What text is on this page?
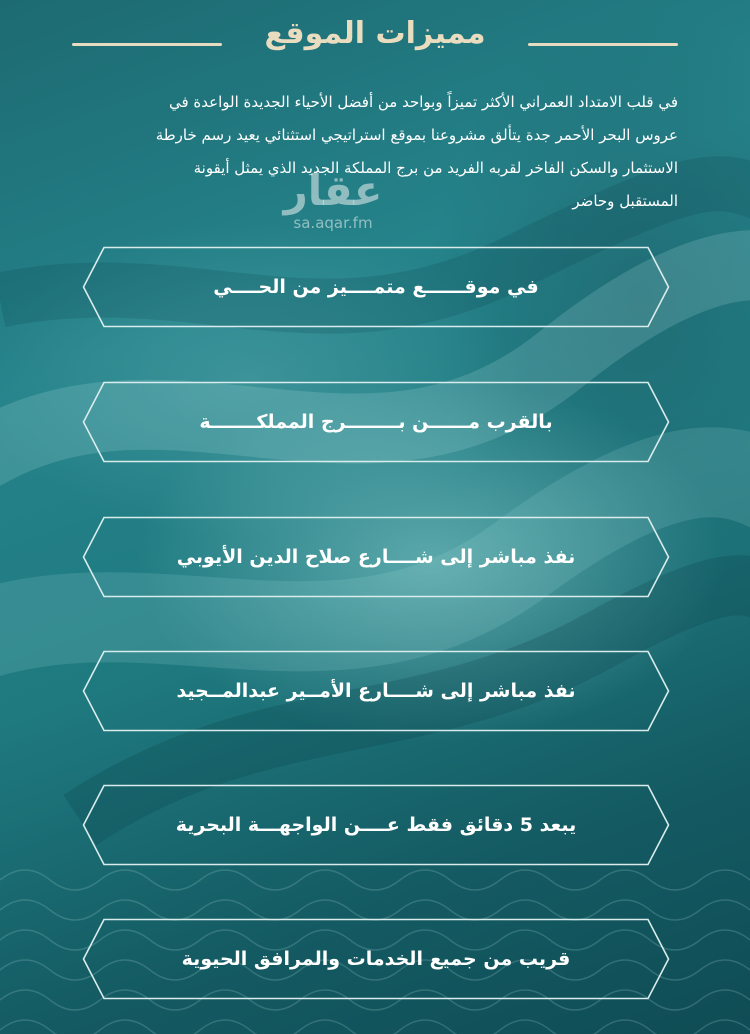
مميزات الموقع
في قلب الامتداد العمراني الأكثر تميزاً وبواحد من أفضل الأحياء الجديدة الواعدة في
عروس البحر الأحمر جدة يتألق مشروعنا بموقع استراتيجي استثنائي يعيد رسم خارطة
الاستثمار والسكن الفاخر لقربه الفريد من برج المملكة الجديد الذي يمثل أيقونة
المستقبل وحاضر
عقار
sa.aqar.fm
في موقــــــع متمــــيز من الحــــي
بالقرب مــــــن بــــــــرج المملكـــــــة
نفذ مباشر إلى شــــارع صلاح الدين الأيوبي
نفذ مباشر إلى شــــارع الأمــير عبدالمــجيد
يبعد 5 دقائق فقط عــــن الواجهـــة البحرية
قريب من جميع الخدمات والمرافق الحيوية
